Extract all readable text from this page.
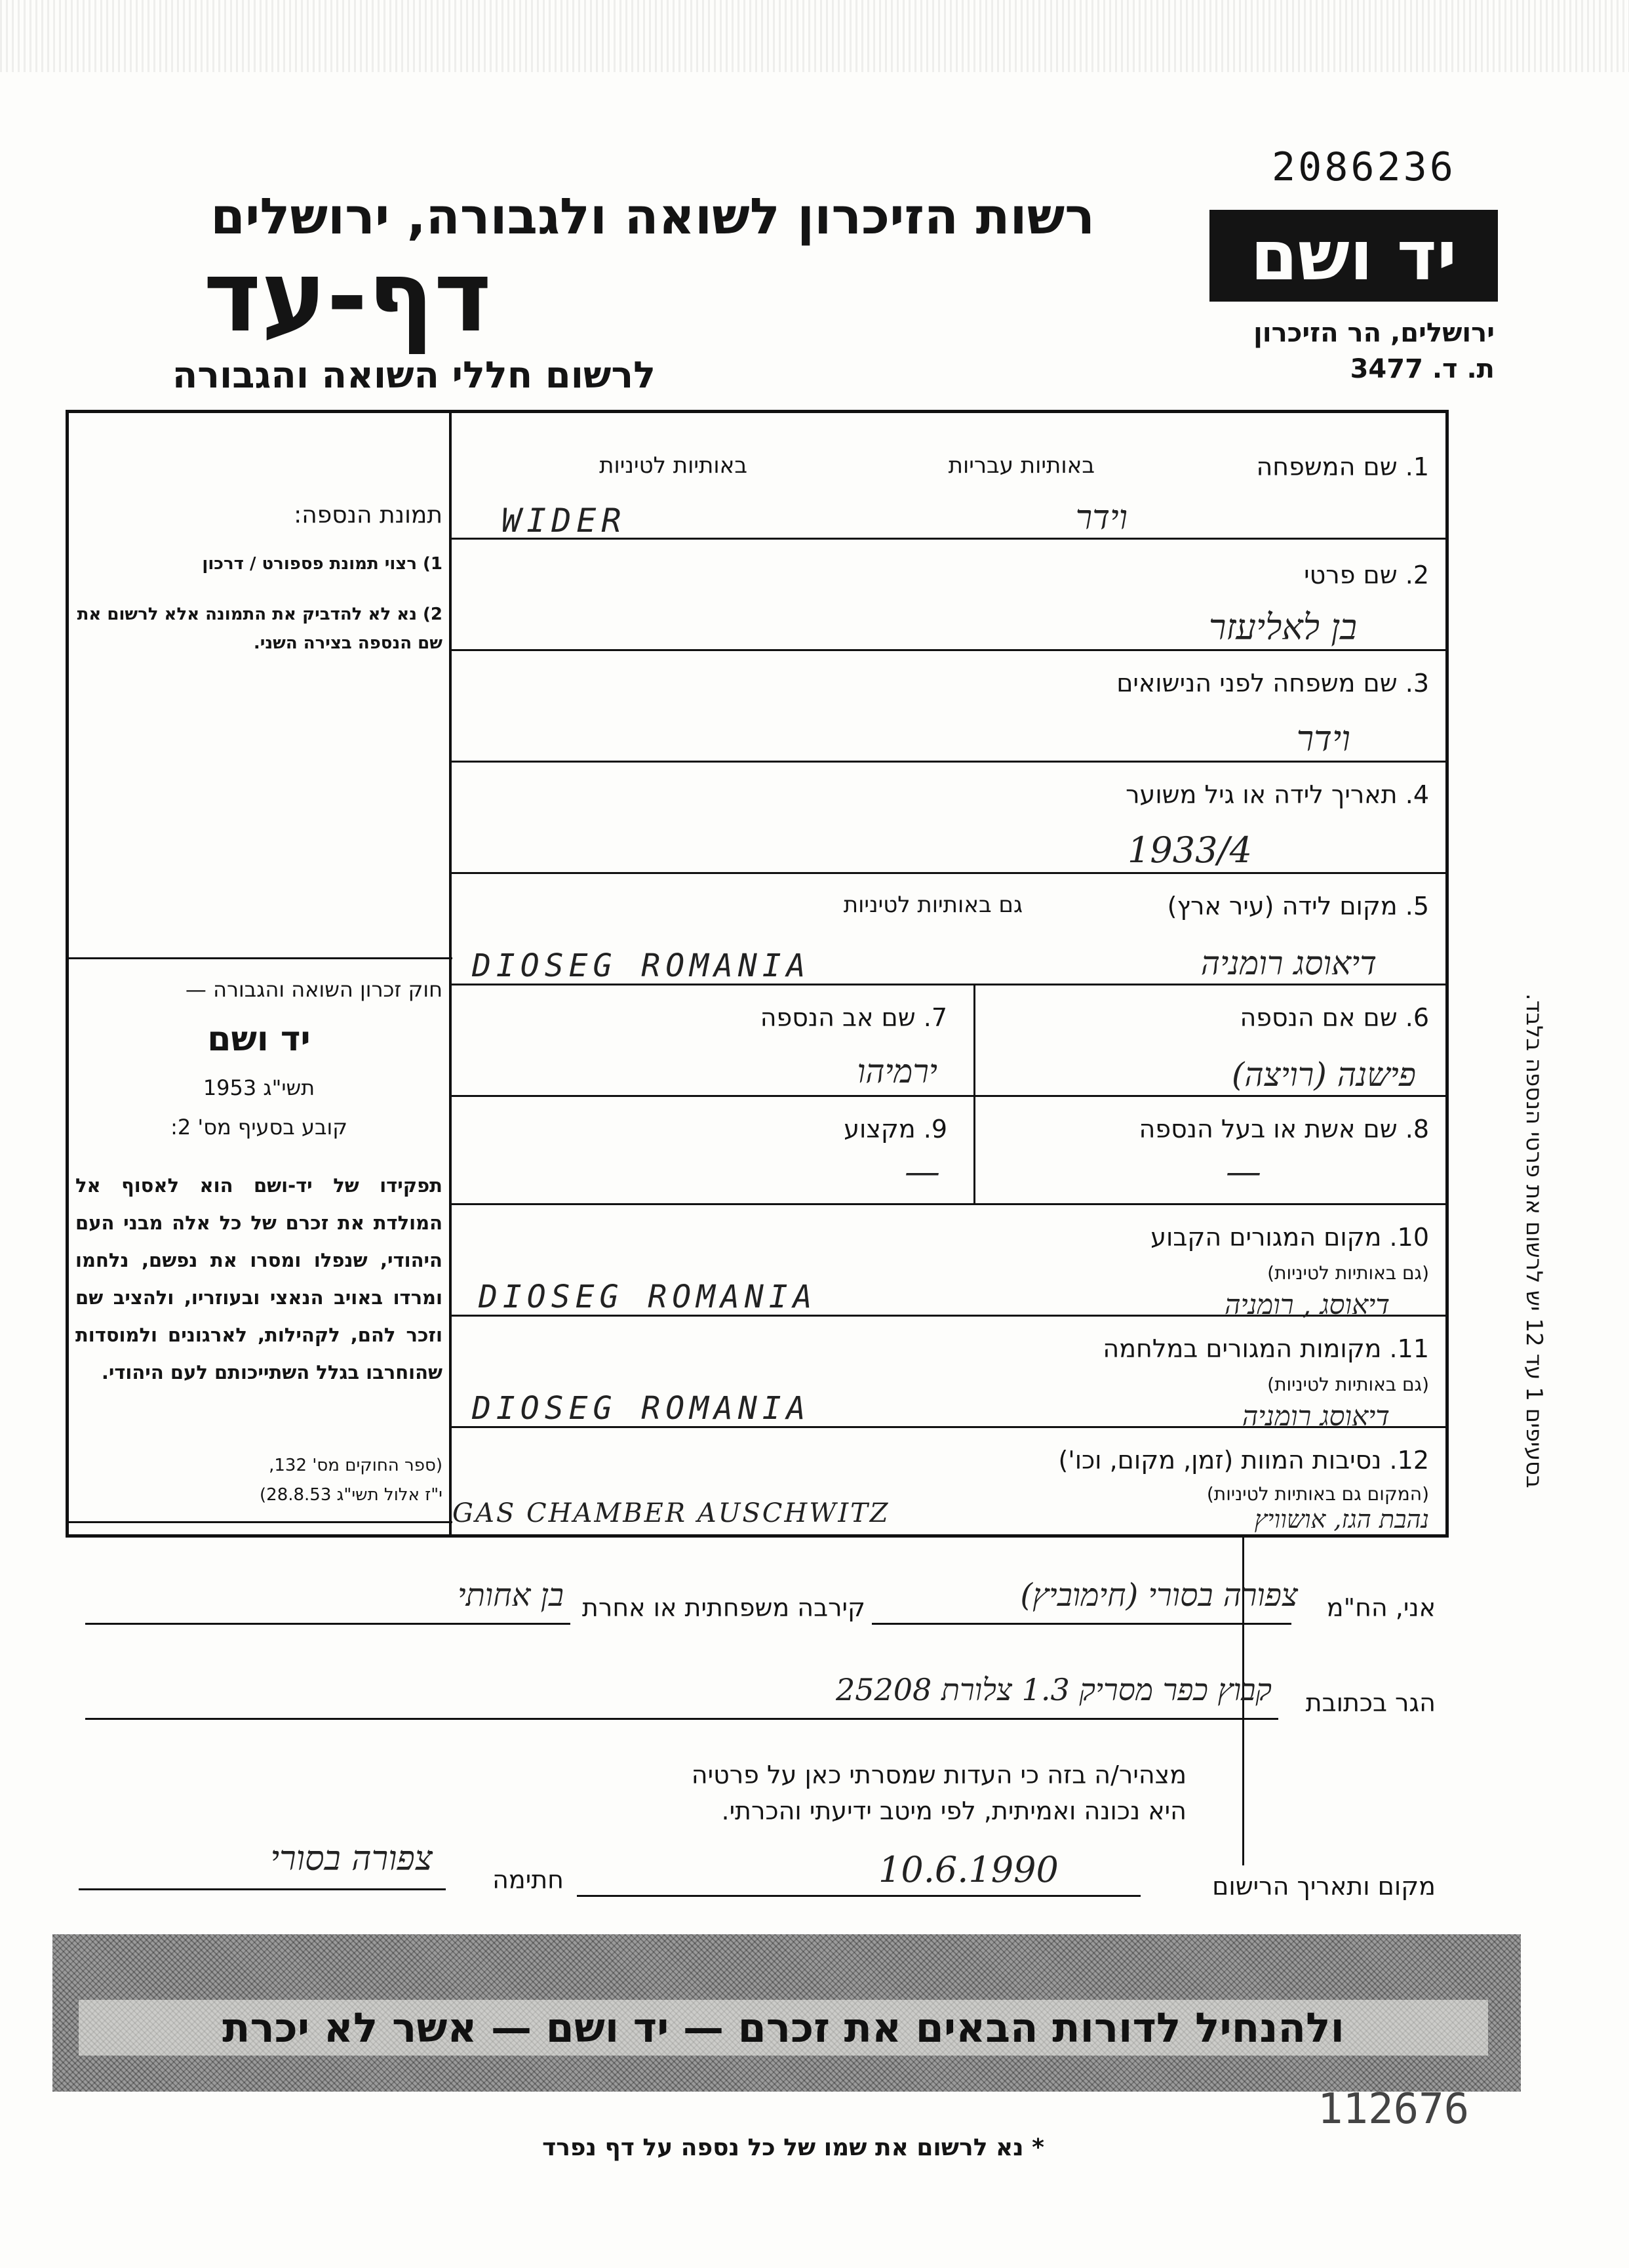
2086236
יד ושם
ירושלים, הר הזיכרון
ת. ד. 3477
רשות הזיכרון לשואה ולגבורה, ירושלים
דף-עד
לרשום חללי השואה והגבורה
תמונת הנספה:
1) רצוי תמונת פספורט / דרכון
2) נא לא להדביק את התמונה אלא לרשום את שם הנספה בצירה השני.
חוק זכרון השואה והגבורה —
יד ושם
תשי"ג 1953
קובע בסעיף מס' 2:
תפקידו של יד-ושם הוא לאסוף אל המולדת את זכרם של כל אלה מבני העם היהודי, שנפלו ומסרו את נפשם, נלחמו ומרדו באויב הנאצי ובעוזריו, ולהציב שם וזכר להם, לקהילות, לארגונים ולמוסדות שהוחרבו בגלל השתייכותם לעם היהודי.
(ספר החוקים מס' 132,
י"ז אלול תשי"ג 28.8.53)
1. שם המשפחה
באותיות עבריות
באותיות לטיניות
וידר
WIDER
2. שם פרטי
בן לאליעזר
3. שם משפחה לפני הנישואים
וידר
4. תאריך לידה או גיל משוער
1933/4
5. מקום לידה (עיר ארץ)
גם באותיות לטיניות
דיאוסג רומניה
DIOSEG ROMANIA
6. שם אם הנספה
פישנה (רויצה)
7. שם אב הנספה
ירמיהו
8. שם אשת או בעל הנספה
—
9. מקצוע
—
10. מקום המגורים הקבוע
(גם באותיות לטיניות)
דיאוסג , רומניה
DIOSEG ROMANIA
11. מקומות המגורים במלחמה
(גם באותיות לטיניות)
דיאוסג רומניה
DIOSEG ROMANIA
12. נסיבות המוות (זמן, מקום, וכו')
(המקום גם באותיות לטיניות)
נהבת הגז, אושוויץ
GAS CHAMBER AUSCHWITZ
אני, הח"מ
צפורה בסורי (חימוביץ)
קירבה משפחתית או אחרת
בן אחותי
הגר בכתובת
קבוץ כפר מסריק 1.3 צלורת 25208
מצהיר/ה בזה כי העדות שמסרתי כאן על פרטיה
היא נכונה ואמיתית, לפי מיטב ידיעתי והכרתי.
מקום ותאריך הרישום
10.6.1990
חתימה
צפורה בסורי
ולהנחיל לדורות הבאים את זכרם — יד ושם — אשר לא יכרת
112676
* נא לרשום את שמו של כל נספה על דף נפרד
בסעיפים 1 עד 12 יש לרשום את פרטי הנספה בלבד.
